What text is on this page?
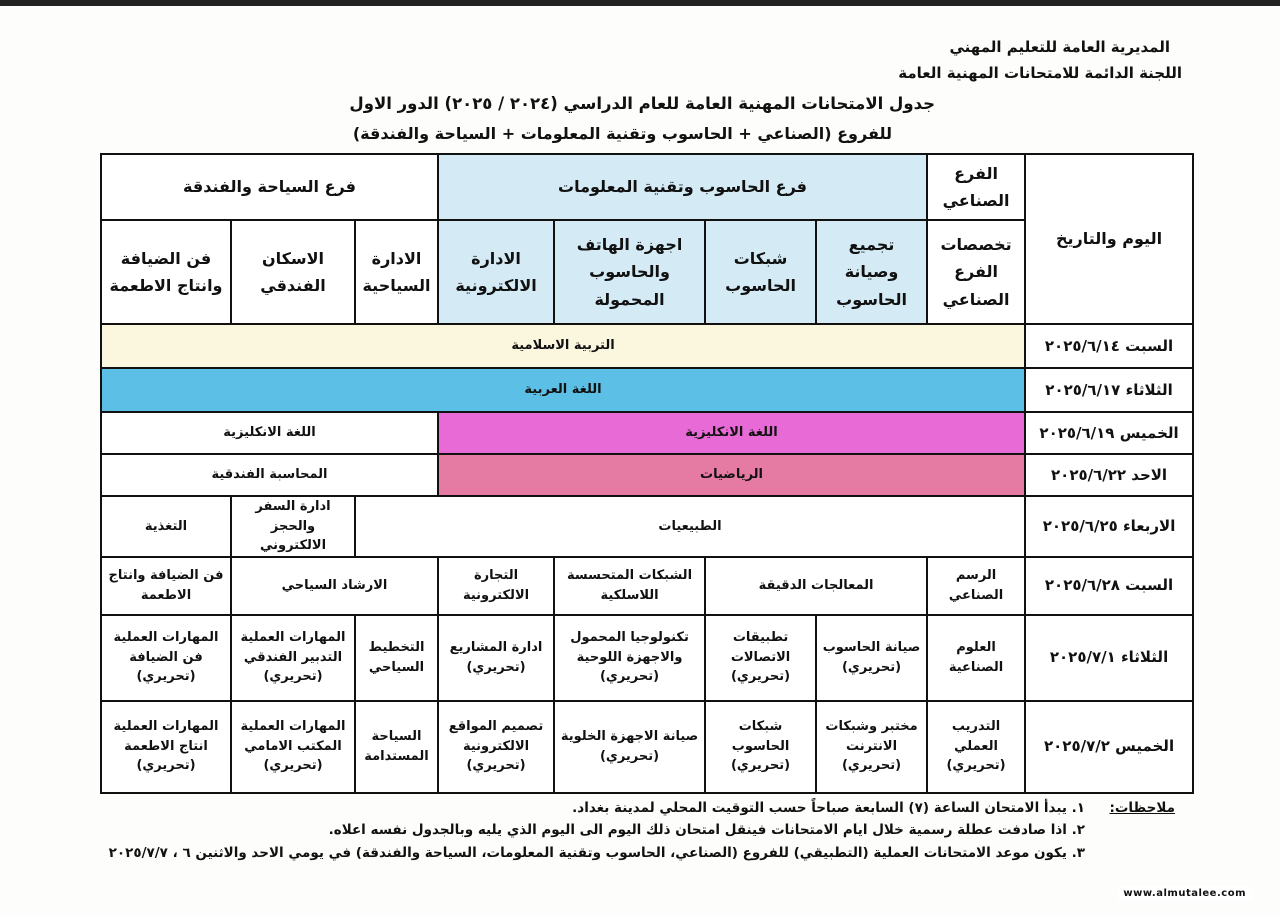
المديرية العامة للتعليم المهني
اللجنة الدائمة للامتحانات المهنية العامة
جدول الامتحانات المهنية العامة للعام الدراسي (٢٠٢٤ / ٢٠٢٥) الدور الاول
للفروع (الصناعي + الحاسوب وتقنية المعلومات + السياحة والفندقة)
اليوم والتاريخ	الفرع الصناعي	فرع الحاسوب وتقنية المعلومات				فرع السياحة والفندقة		
	تخصصات الفرع الصناعي	تجميع وصيانة الحاسوب	شبكات الحاسوب	اجهزة الهاتف والحاسوب المحمولة	الادارة الالكترونية	الادارة السياحية	الاسكان الفندقي	فن الضيافة وانتاج الاطعمة
السبت ٢٠٢٥/٦/١٤	التربية الاسلامية							
الثلاثاء ٢٠٢٥/٦/١٧	اللغة العربية							
الخميس ٢٠٢٥/٦/١٩	اللغة الانكليزية					اللغة الانكليزية		
الاحد ٢٠٢٥/٦/٢٢	الرياضيات					المحاسبة الفندقية		
الاربعاء ٢٠٢٥/٦/٢٥	الطبيعيات						ادارة السفر والحجز الالكتروني	التغذية
السبت ٢٠٢٥/٦/٢٨	الرسم الصناعي	المعالجات الدقيقة		الشبكات المتحسسة اللاسلكية	التجارة الالكترونية	الارشاد السياحي		فن الضيافة وانتاج الاطعمة
الثلاثاء ٢٠٢٥/٧/١	العلوم الصناعية	صيانة الحاسوب (تحريري)	تطبيقات الاتصالات (تحريري)	تكنولوجيا المحمول والاجهزة اللوحية (تحريري)	ادارة المشاريع (تحريري)	التخطيط السياحي	المهارات العملية التدبير الفندقي (تحريري)	المهارات العملية فن الضيافة (تحريري)
الخميس ٢٠٢٥/٧/٢	التدريب العملي (تحريري)	مختبر وشبكات الانترنت (تحريري)	شبكات الحاسوب (تحريري)	صيانة الاجهزة الخلوية (تحريري)	تصميم المواقع الالكترونية (تحريري)	السياحة المستدامة	المهارات العملية المكتب الامامي (تحريري)	المهارات العملية انتاج الاطعمة (تحريري)
ملاحظات:
١. يبدأ الامتحان الساعة (٧) السابعة صباحاً حسب التوقيت المحلي لمدينة بغداد.
٢. اذا صادفت عطلة رسمية خلال ايام الامتحانات فينقل امتحان ذلك اليوم الى اليوم الذي يليه وبالجدول نفسه اعلاه.
٣. يكون موعد الامتحانات العملية (التطبيقي) للفروع (الصناعي، الحاسوب وتقنية المعلومات، السياحة والفندقة) في يومي الاحد والاثنين ٦ ، ٢٠٢٥/٧/٧
www.almutalee.com
